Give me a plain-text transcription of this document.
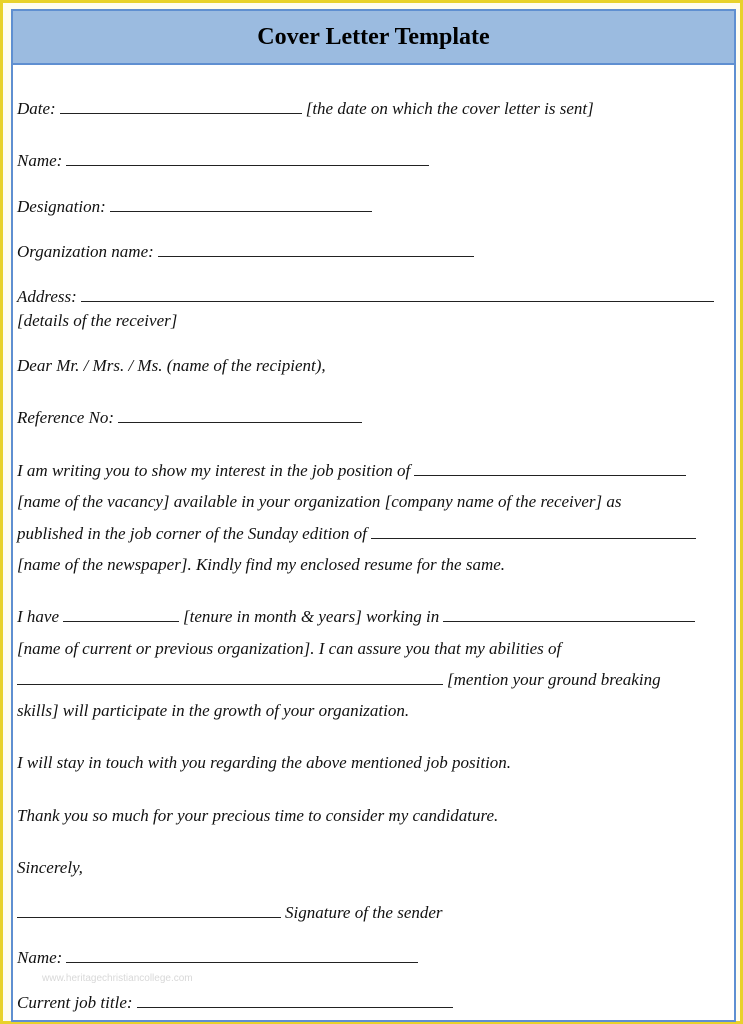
Cover Letter Template
Date:	[the date on which the cover letter is sent]
Name:
Designation:
Organization name:
Address:
[details of the receiver]
Dear Mr. / Mrs. / Ms. (name of the recipient),
Reference No:
I am writing you to show my interest in the job position of
[name of the vacancy] available in your organization [company name of the receiver] as
published in the job corner of the Sunday edition of
[name of the newspaper]. Kindly find my enclosed resume for the same.
I have	[tenure in month & years] working in
[name of current or previous organization]. I can assure you that my abilities of
[mention your ground breaking
skills] will participate in the growth of your organization.
I will stay in touch with you regarding the above mentioned job position.
Thank you so much for your precious time to consider my candidature.
Sincerely,
Signature of the sender
Name:
www.heritagechristiancollege.com
Current job title:
